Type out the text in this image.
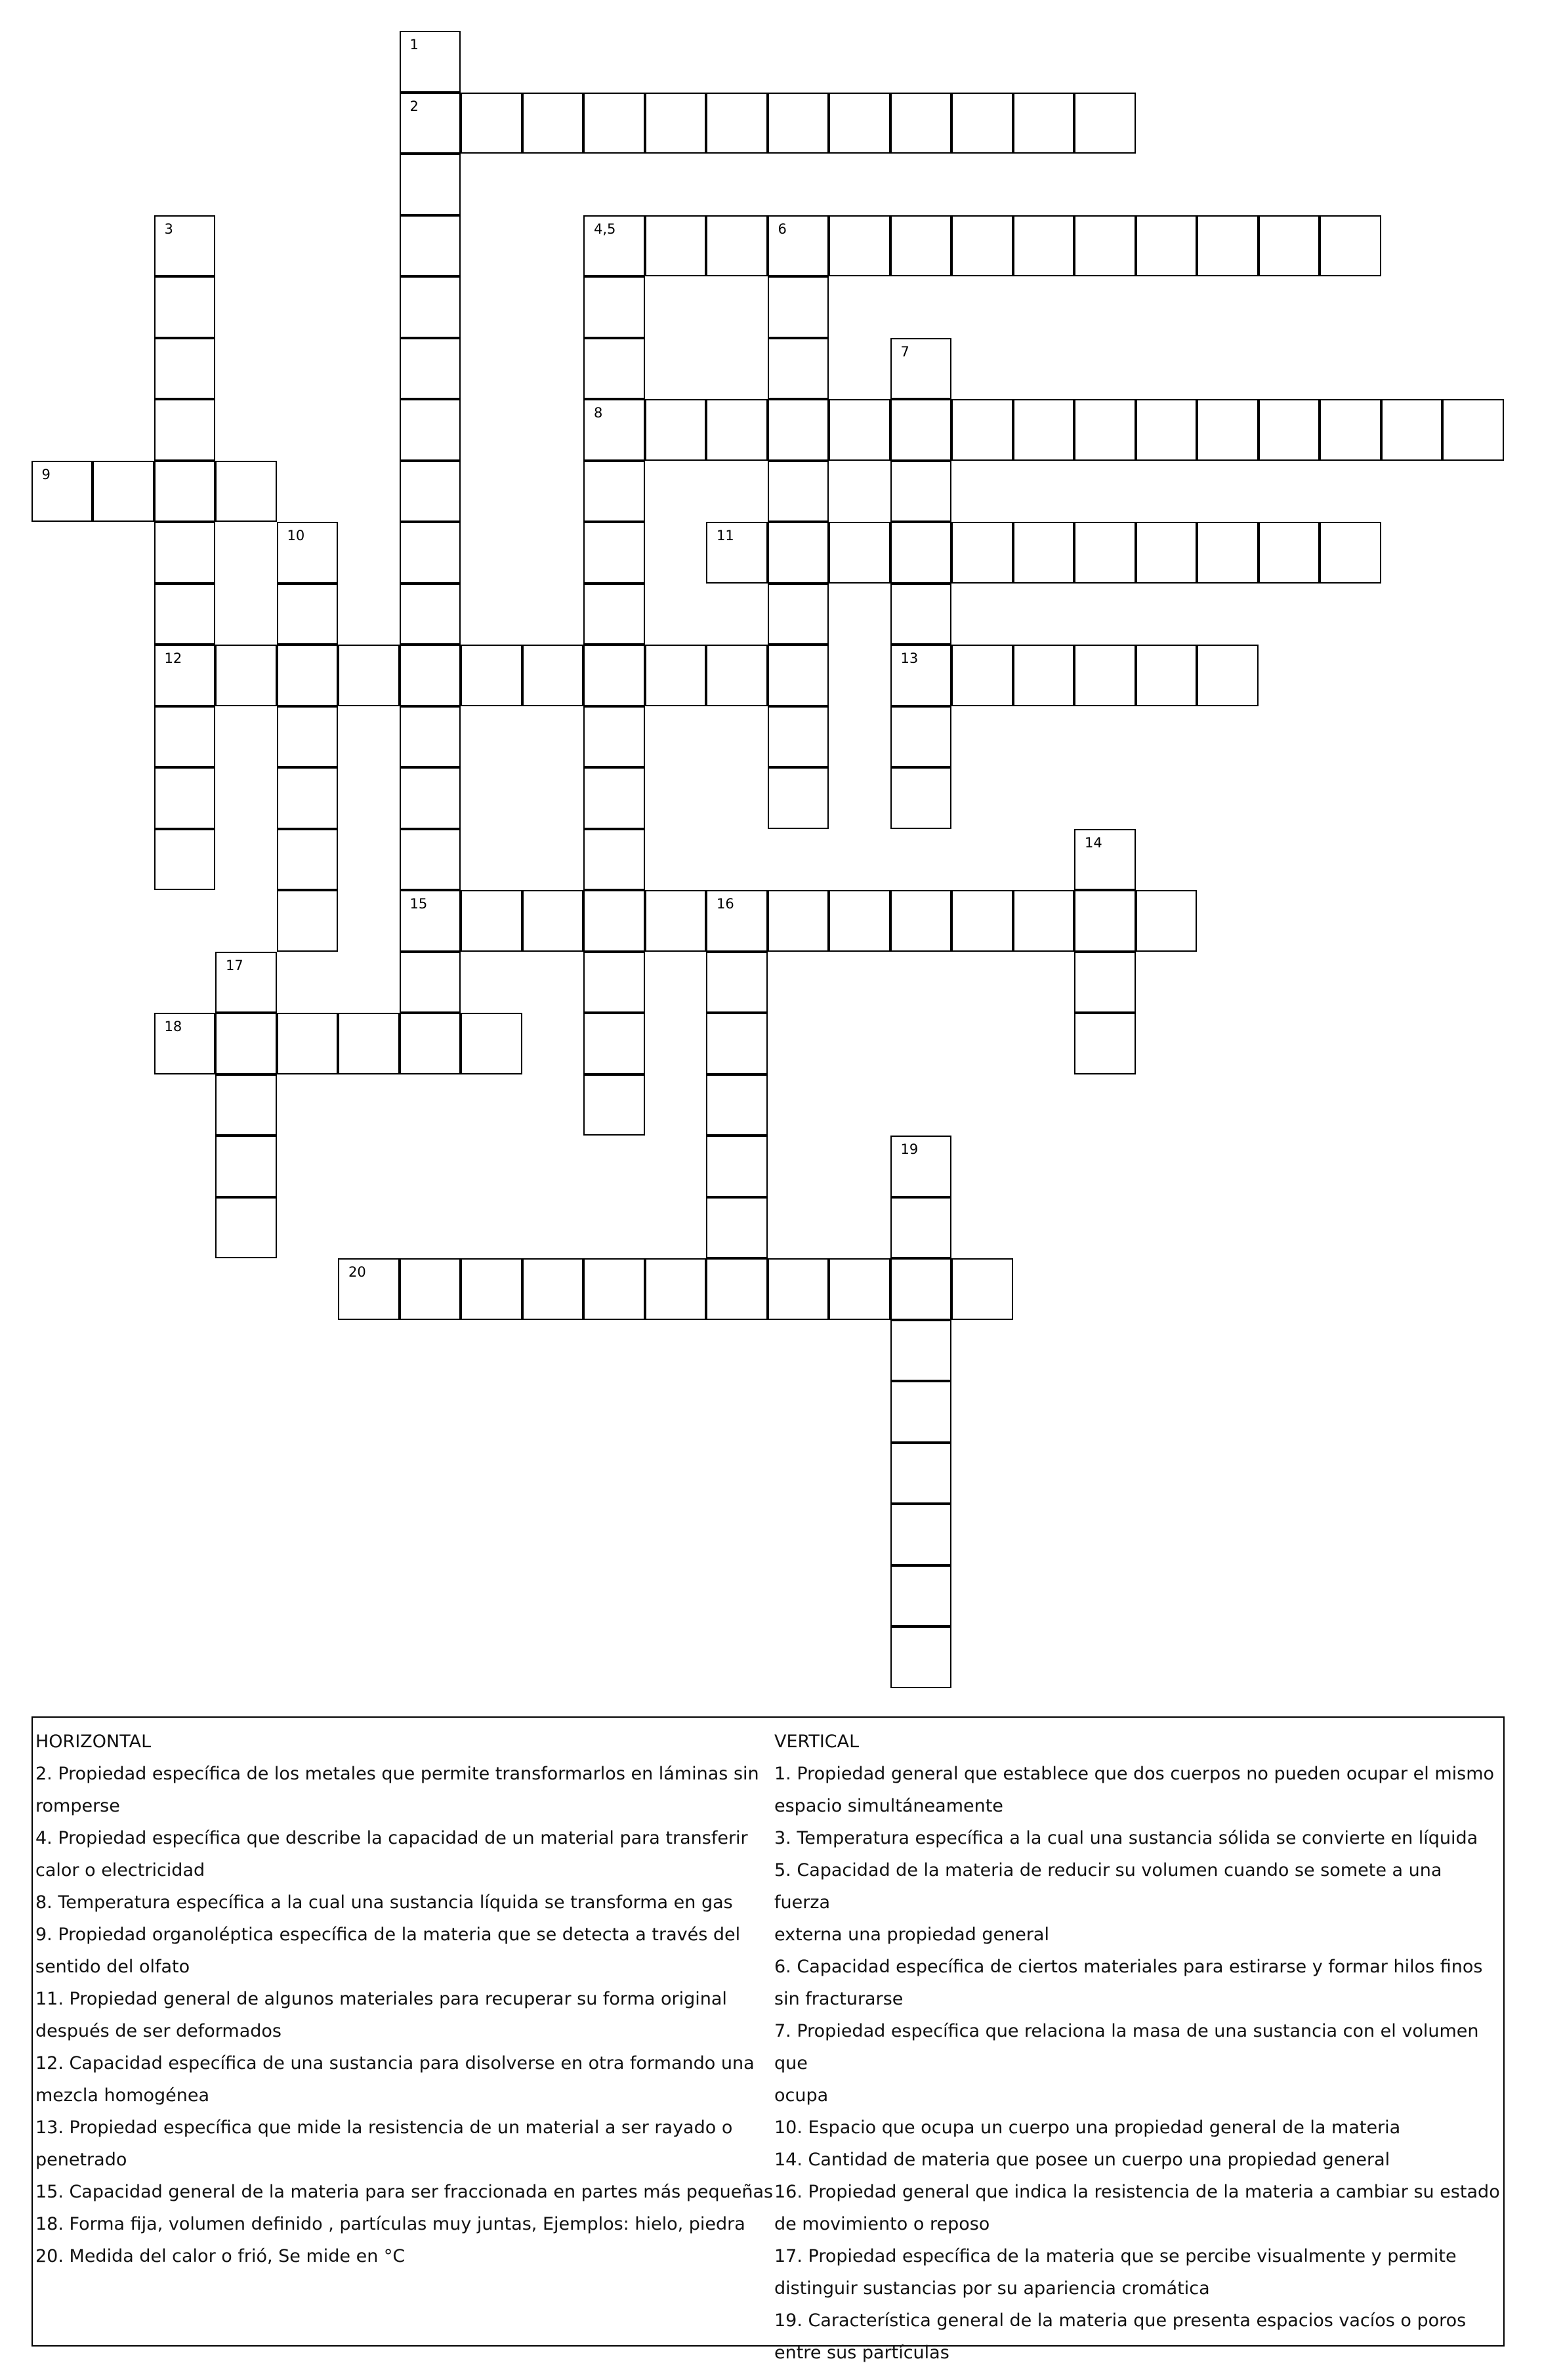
1
2
15
3
12
4,5	6
8
7
13
9
10	11
14
16
17
18
19
20

HORIZONTAL

2. Propiedad específica de los metales que permite transformarlos en láminas sin

romperse

4. Propiedad específica que describe la capacidad de un material para transferir

calor o electricidad

8. Temperatura específica a la cual una sustancia líquida se transforma en gas

9. Propiedad organoléptica específica de la materia que se detecta a través del

sentido del olfato

11. Propiedad general de algunos materiales para recuperar su forma original

después de ser deformados

12. Capacidad específica de una sustancia para disolverse en otra formando una

mezcla homogénea

13. Propiedad específica que mide la resistencia de un material a ser rayado o

penetrado

15. Capacidad general de la materia para ser fraccionada en partes más pequeñas

18. Forma fija, volumen definido , partículas muy juntas, Ejemplos: hielo, piedra

20. Medida del calor o frió, Se mide en °C

VERTICAL

1. Propiedad general que establece que dos cuerpos no pueden ocupar el mismo

espacio simultáneamente

3. Temperatura específica a la cual una sustancia sólida se convierte en líquida

5. Capacidad de la materia de reducir su volumen cuando se somete a una fuerza

externa una propiedad general

6. Capacidad específica de ciertos materiales para estirarse y formar hilos finos

sin fracturarse

7. Propiedad específica que relaciona la masa de una sustancia con el volumen que

ocupa

10. Espacio que ocupa un cuerpo una propiedad general de la materia

14. Cantidad de materia que posee un cuerpo una propiedad general

16. Propiedad general que indica la resistencia de la materia a cambiar su estado

de movimiento o reposo

17. Propiedad específica de la materia que se percibe visualmente y permite

distinguir sustancias por su apariencia cromática

19. Característica general de la materia que presenta espacios vacíos o poros

entre sus partículas
